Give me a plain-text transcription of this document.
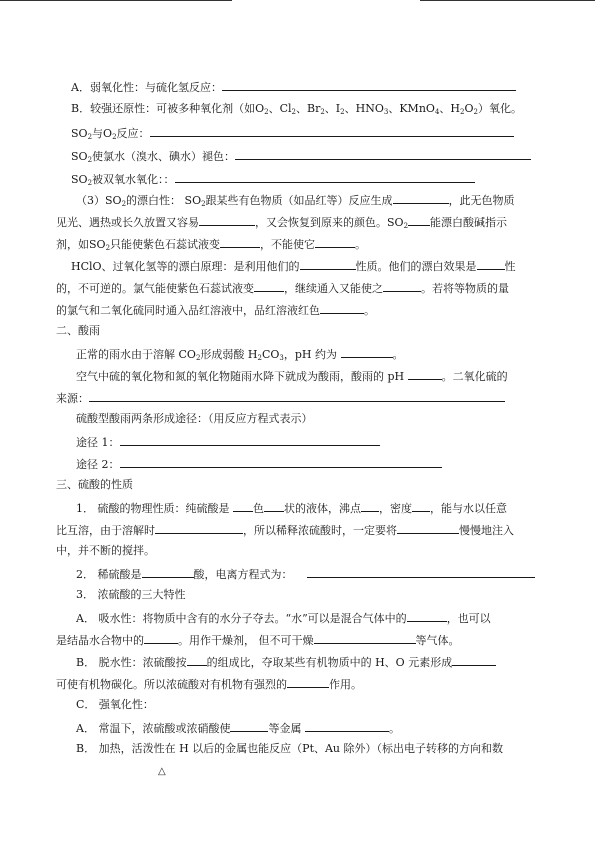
A．弱氧化性：与硫化氢反应：
B．较强还原性：可被多种氧化剂（如$O_2$、$Cl_2$、$Br_2$、$I_2$、$HNO_3$、KMnO$_4$、$H_2O_2$）氧化。
$SO_2$与$O_2$反应：
$SO_2$使氯水（溴水、碘水）褪色：
$SO_2$被双氧水氧化：：
$(3)SO_2$的漂白性： $SO_2$跟某些有色物质（如品红等）反应生成	，此无色物质
见光、遇热或长久放置又容易	，又会恢复到原来的颜色。$SO_2$ 能漂白酸碱指示
剂，如$SO_2$只能使紫色石蕊试液变	，不能使它	。
HClO、过氧化氢等的漂白原理：是利用他们的	性质。他们的漂白效果是	性
的，不可逆的。氯气能使紫色石蕊试液变	，继续通入又能使之	。若将等物质的量
的氯气和二氧化硫同时通入品红溶液中，品红溶液红色	。
二、酸雨
正常的雨水由于溶解 $CO_2$形成弱酸 $H_2CO_3$，pH 约为	。
空气中硫的氧化物和氮的氧化物随雨水降下就成为酸雨，酸雨的 pH	。二氧化硫的
来源：
硫酸型酸雨两条形成途径：（用反应方程式表示）
途径 1：
途径 2：
三、硫酸的性质
1． 硫酸的物理性质：纯硫酸是 色 状的液体，沸点 ，密度 ，能与水以任意
比互溶，由于溶解时	，所以稀释浓硫酸时，一定要将	慢慢地注入
中，并不断的搅拌。
2． 稀硫酸是	酸，电离方程式为：
3． 浓硫酸的三大特性
A． 吸水性：将物质中含有的水分子夺去。“水”可以是混合气体中的	，也可以
是结晶水合物中的	。用作干燥剂， 但不可干燥	等气体。
B． 脱水性：浓硫酸按 的组成比，夺取某些有机物质中的 H、O 元素形成
可使有机物碳化。所以浓硫酸对有机物有强烈的	作用。
C． 强氧化性：
A． 常温下，浓硫酸或浓硝酸使	等金属	。
B． 加热，活泼性在 H 以后的金属也能反应（Pt、Au 除外）（标出电子转移的方向和数
△
